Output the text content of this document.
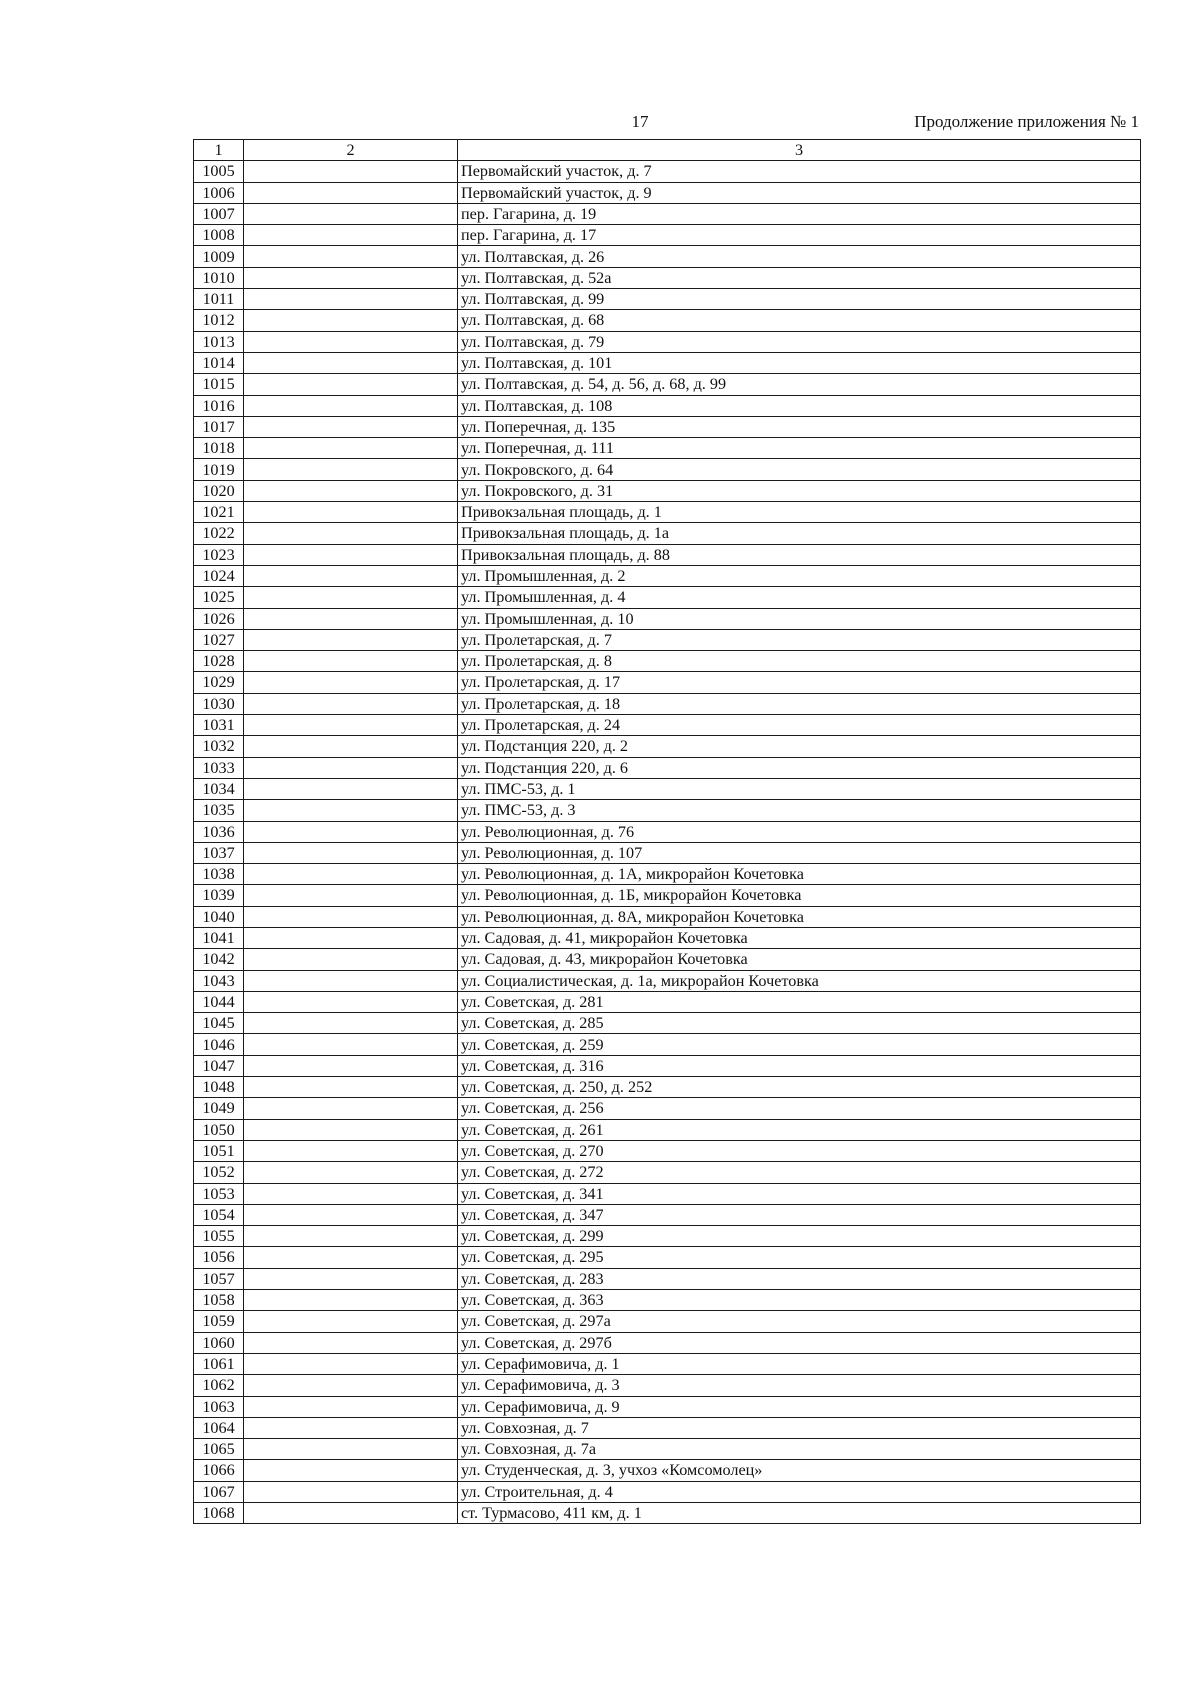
17	Продолжение приложения № 1
1	2	3
1005		Первомайский участок, д. 7
1006		Первомайский участок, д. 9
1007		пер. Гагарина, д. 19
1008		пер. Гагарина, д. 17
1009		ул. Полтавская, д. 26
1010		ул. Полтавская, д. 52а
1011		ул. Полтавская, д. 99
1012		ул. Полтавская, д. 68
1013		ул. Полтавская, д. 79
1014		ул. Полтавская, д. 101
1015		ул. Полтавская, д. 54, д. 56, д. 68, д. 99
1016		ул. Полтавская, д. 108
1017		ул. Поперечная, д. 135
1018		ул. Поперечная, д. 111
1019		ул. Покровского, д. 64
1020		ул. Покровского, д. 31
1021		Привокзальная площадь, д. 1
1022		Привокзальная площадь, д. 1а
1023		Привокзальная площадь, д. 88
1024		ул. Промышленная, д. 2
1025		ул. Промышленная, д. 4
1026		ул. Промышленная, д. 10
1027		ул. Пролетарская, д. 7
1028		ул. Пролетарская, д. 8
1029		ул. Пролетарская, д. 17
1030		ул. Пролетарская, д. 18
1031		ул. Пролетарская, д. 24
1032		ул. Подстанция 220, д. 2
1033		ул. Подстанция 220, д. 6
1034		ул. ПМС-53, д. 1
1035		ул. ПМС-53, д. 3
1036		ул. Революционная, д. 76
1037		ул. Революционная, д. 107
1038		ул. Революционная, д. 1А, микрорайон Кочетовка
1039		ул. Революционная, д. 1Б, микрорайон Кочетовка
1040		ул. Революционная, д. 8А, микрорайон Кочетовка
1041		ул. Садовая, д. 41, микрорайон Кочетовка
1042		ул. Садовая, д. 43, микрорайон Кочетовка
1043		ул. Социалистическая, д. 1а, микрорайон Кочетовка
1044		ул. Советская, д. 281
1045		ул. Советская, д. 285
1046		ул. Советская, д. 259
1047		ул. Советская, д. 316
1048		ул. Советская, д. 250, д. 252
1049		ул. Советская, д. 256
1050		ул. Советская, д. 261
1051		ул. Советская, д. 270
1052		ул. Советская, д. 272
1053		ул. Советская, д. 341
1054		ул. Советская, д. 347
1055		ул. Советская, д. 299
1056		ул. Советская, д. 295
1057		ул. Советская, д. 283
1058		ул. Советская, д. 363
1059		ул. Советская, д. 297а
1060		ул. Советская, д. 297б
1061		ул. Серафимовича, д. 1
1062		ул. Серафимовича, д. 3
1063		ул. Серафимовича, д. 9
1064		ул. Совхозная, д. 7
1065		ул. Совхозная, д. 7а
1066		ул. Студенческая, д. 3, учхоз «Комсомолец»
1067		ул. Строительная, д. 4
1068		ст. Турмасово, 411 км, д. 1
